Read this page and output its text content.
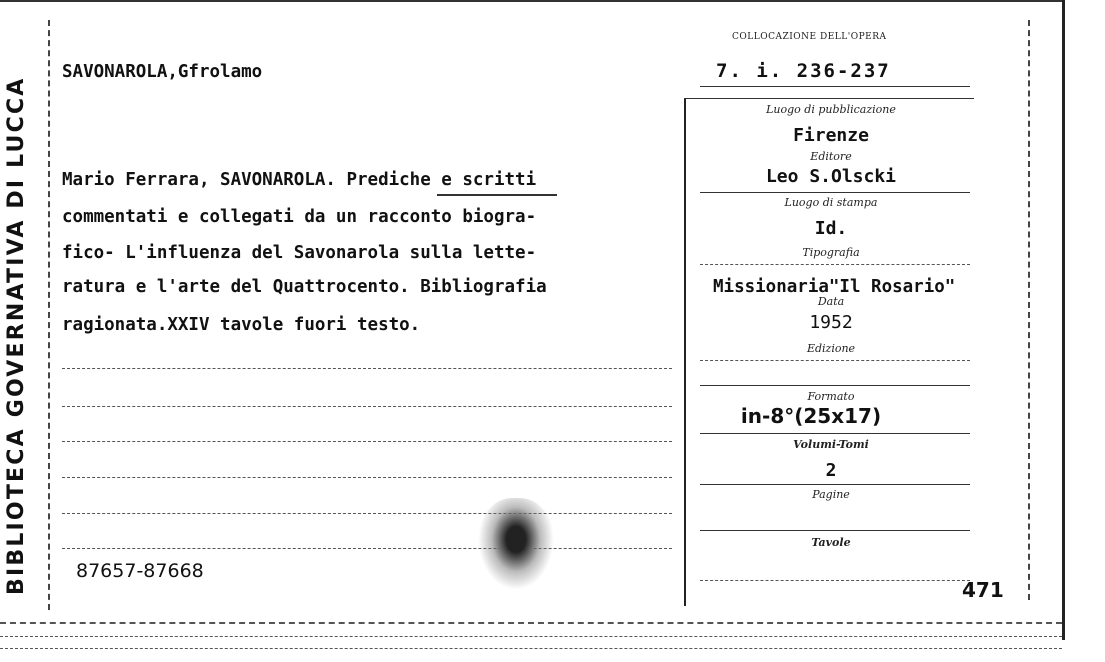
BIBLIOTECA GOVERNATIVA DI LUCCA
SAVONAROLA,Gfrolamo
COLLOCAZIONE DELL'OPERA
7. i. 236-237
Mario Ferrara, SAVONAROLA. Prediche e scritti
commentati e collegati da un racconto biogra-
fico- L'influenza del Savonarola sulla lette-
ratura e l'arte del Quattrocento. Bibliografia
ragionata.XXIV tavole fuori testo.
Missionaria"Il Rosario"
87657-87668
Luogo di pubblicazione
Firenze
Editore
Leo S.Olscki
Luogo di stampa
Id.
Tipografia
Data
1952
Edizione
Formato
in-8°(25x17)
Volumi-Tomi
2
Pagine
Tavole
471
